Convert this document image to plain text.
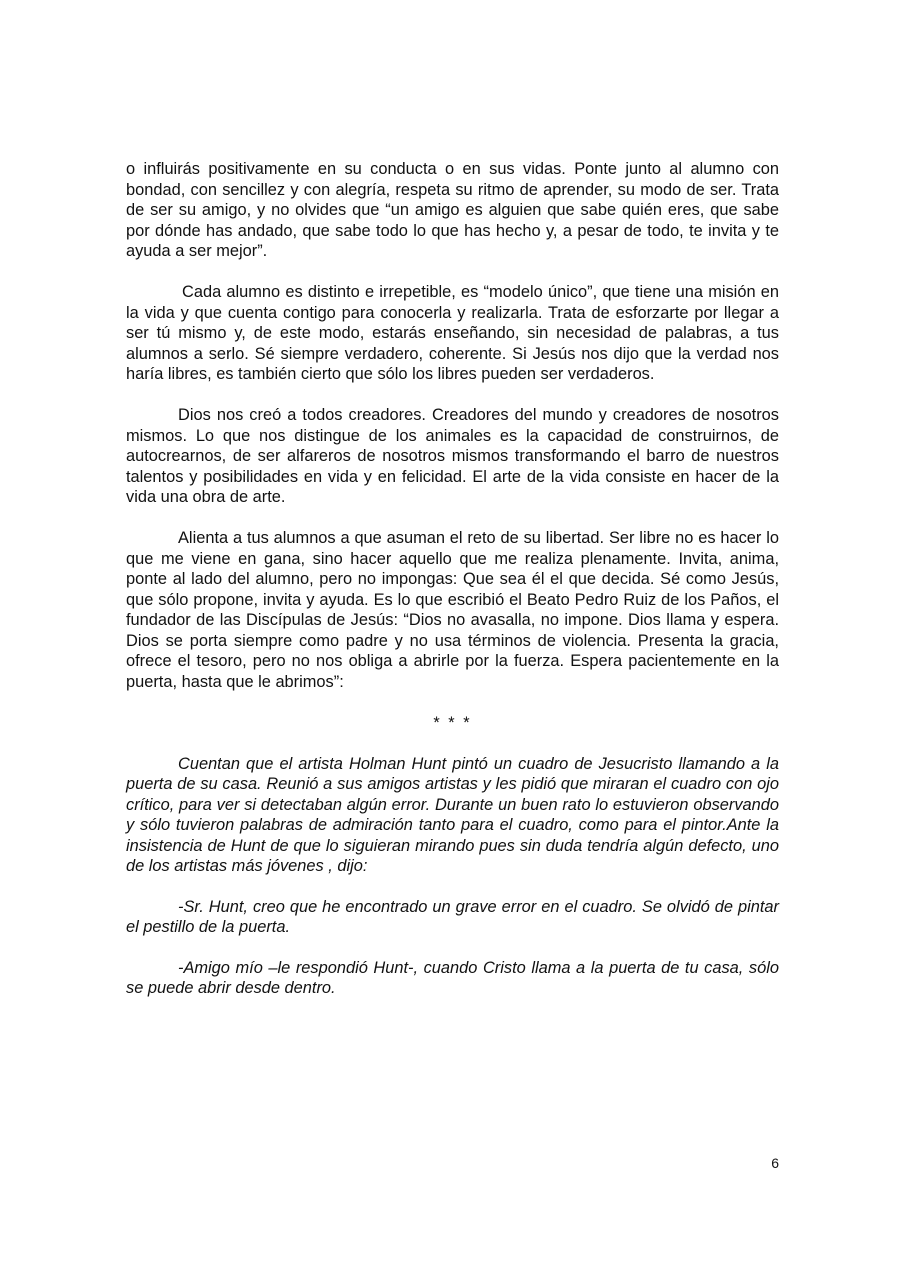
o influirás positivamente en su conducta o en sus vidas. Ponte junto al alumno con bondad, con sencillez y con alegría, respeta su ritmo de aprender, su modo de ser. Trata de ser su amigo, y no olvides que “un amigo es alguien que sabe quién eres, que sabe por dónde has andado, que sabe todo lo que has hecho y, a pesar de todo, te invita y te ayuda a ser mejor”.

Cada alumno es distinto e irrepetible, es “modelo único”, que tiene una misión en la vida y que cuenta contigo para conocerla y realizarla. Trata de esforzarte por llegar a ser tú mismo y, de este modo, estarás enseñando, sin necesidad de palabras, a tus alumnos a serlo. Sé siempre verdadero, coherente. Si Jesús nos dijo que la verdad nos haría libres, es también cierto que sólo los libres pueden ser verdaderos.

Dios nos creó a todos creadores. Creadores del mundo y creadores de nosotros mismos. Lo que nos distingue de los animales es la capacidad de construirnos, de autocrearnos, de ser alfareros de nosotros mismos transformando el barro de nuestros talentos y posibilidades en vida y en felicidad. El arte de la vida consiste en hacer de la vida una obra de arte.

Alienta a tus alumnos a que asuman el reto de su libertad. Ser libre no es hacer lo que me viene en gana, sino hacer aquello que me realiza plenamente. Invita, anima, ponte al lado del alumno, pero no impongas: Que sea él el que decida. Sé como Jesús, que sólo propone, invita y ayuda. Es lo que escribió el Beato Pedro Ruiz de los Paños, el fundador de las Discípulas de Jesús: “Dios no avasalla, no impone. Dios llama y espera. Dios se porta siempre como padre y no usa términos de violencia. Presenta la gracia, ofrece el tesoro, pero no nos obliga a abrirle por la fuerza. Espera pacientemente en la puerta, hasta que le abrimos”:

* * *

Cuentan que el artista Holman Hunt pintó un cuadro de Jesucristo llamando a la puerta de su casa. Reunió a sus amigos artistas y les pidió que miraran el cuadro con ojo crítico, para ver si detectaban algún error. Durante un buen rato lo estuvieron observando y sólo tuvieron palabras de admiración tanto para el cuadro, como para el pintor.Ante la insistencia de Hunt de que lo siguieran mirando pues sin duda tendría algún defecto, uno de los artistas más jóvenes , dijo:

-Sr. Hunt, creo que he encontrado un grave error en el cuadro. Se olvidó de pintar el pestillo de la puerta.

-Amigo mío –le respondió Hunt-, cuando Cristo llama a la puerta de tu casa, sólo se puede abrir desde dentro.

6
